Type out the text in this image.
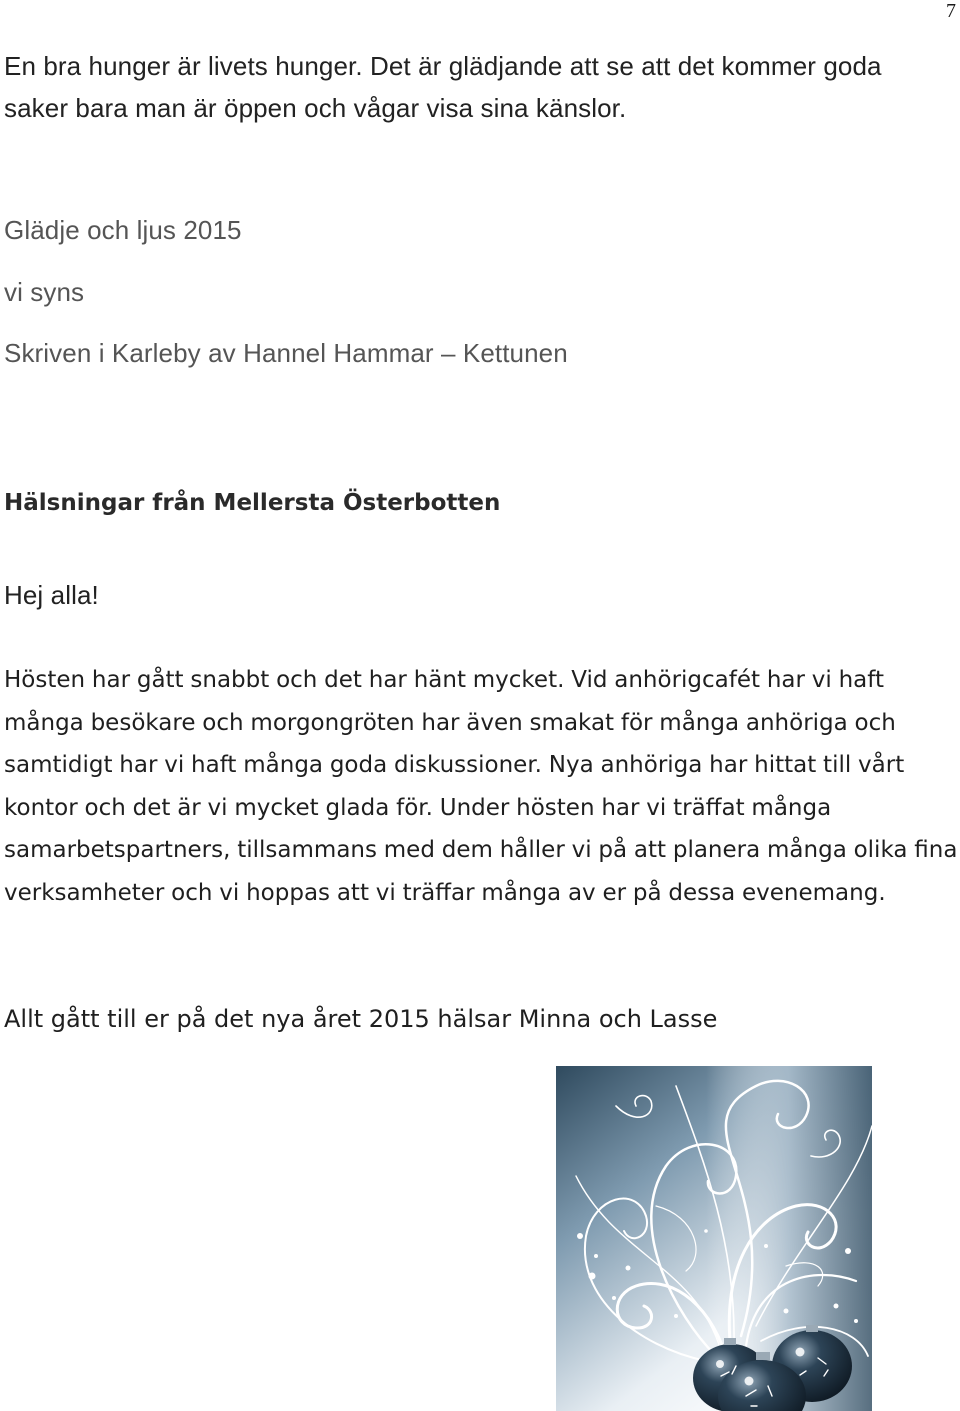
7
En bra hunger är livets hunger. Det är glädjande att se att det kommer goda
saker bara man är öppen och vågar visa sina känslor.
Glädje och ljus 2015
vi syns
Skriven i Karleby av Hannel Hammar – Kettunen
Hälsningar från Mellersta Österbotten
Hej alla!

Hösten har gått snabbt och det har hänt mycket. Vid anhörigcafét har vi haft många besökare och morgongröten har även smakat för många anhöriga och samtidigt har vi haft många goda diskussioner. Nya anhöriga har hittat till vårt kontor och det är vi mycket glada för. Under hösten har vi träffat många samarbetspartners, tillsammans med dem håller vi på att planera många olika fina verksamheter och vi hoppas att vi träffar många av er på dessa evenemang.

Allt gått till er på det nya året 2015 hälsar Minna och Lasse
